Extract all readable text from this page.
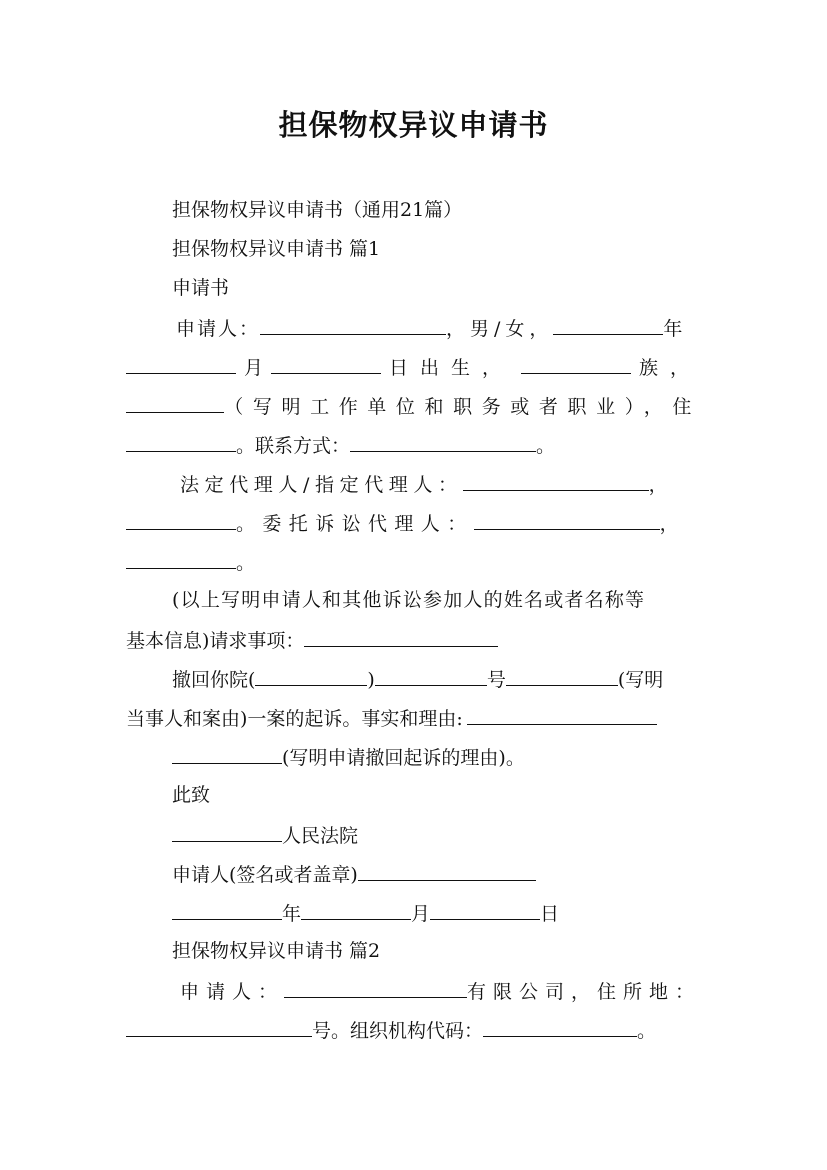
担保物权异议申请书
担保物权异议申请书（通用21篇）
担保物权异议申请书 篇1
申请书
申请人：	，男/女，	年
月	日出生，	族，
（写明工作单位和职务或者职业），住
。联系方式：	。
法定代理人/指定代理人：	，
。委托诉讼代理人：	，
。
(以上写明申请人和其他诉讼参加人的姓名或者名称等
基本信息)请求事项：
撤回你院(	)	号	(写明
当事人和案由)一案的起诉。事实和理由:
(写明申请撤回起诉的理由)。
此致
人民法院
申请人(签名或者盖章)
年	月	日
担保物权异议申请书 篇2
申请人：	有限公司，住所地：
号。组织机构代码：	。
